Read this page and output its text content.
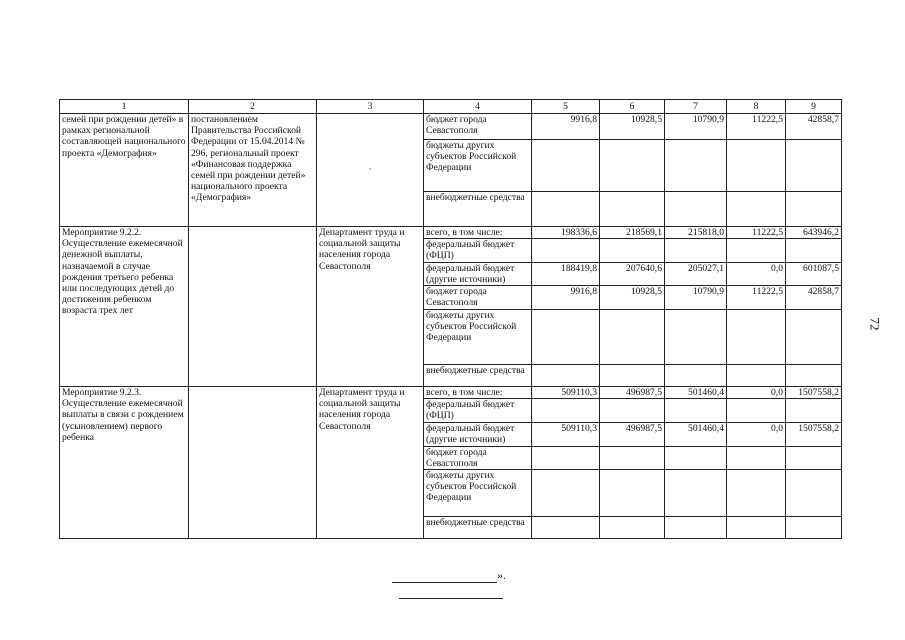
1	2	3	4	5	6	7	8	9
семей при рождении детей» в рамках региональной составляющей национального проекта «Демография»	постановлением Правительства Российской Федерации от 15.04.2014 № 296, региональный проект «Финансовая поддержка семей при рождении детей» национального проекта «Демография»	·	бюджет города Севастополя	9916,8	10928,5	10790,9	11222,5	42858,7
			бюджеты других субъектов Российской Федерации					
			внебюджетные средства					
Мероприятие 9.2.2. Осуществление ежемесячной денежной выплаты, назначаемой в случае рождения третьего ребенка или последующих детей до достижения ребенком возраста трех лет		Департамент труда и социальной защиты населения города Севастополя	всего, в том числе:	198336,6	218569,1	215818,0	11222,5	643946,2
			федеральный бюджет (ФЦП)					
			федеральный бюджет (другие источники)	188419,8	207640,6	205027,1	0,0	601087,5
			бюджет города Севастополя	9916,8	10928,5	10790,9	11222,5	42858,7
			бюджеты других субъектов Российской Федерации					
			внебюджетные средства					
Мероприятие 9.2.3. Осуществление ежемесячной выплаты в связи с рождением (усыновлением) первого ребенка		Департамент труда и социальной защиты населения города Севастополя	всего, в том числе:	509110,3	496987,5	501460,4	0,0	1507558,2
			федеральный бюджет (ФЦП)					
			федеральный бюджет (другие источники)	509110,3	496987,5	501460,4	0,0	1507558,2
			бюджет города Севастополя					
			бюджеты других субъектов Российской Федерации					
			внебюджетные средства					
72
».
